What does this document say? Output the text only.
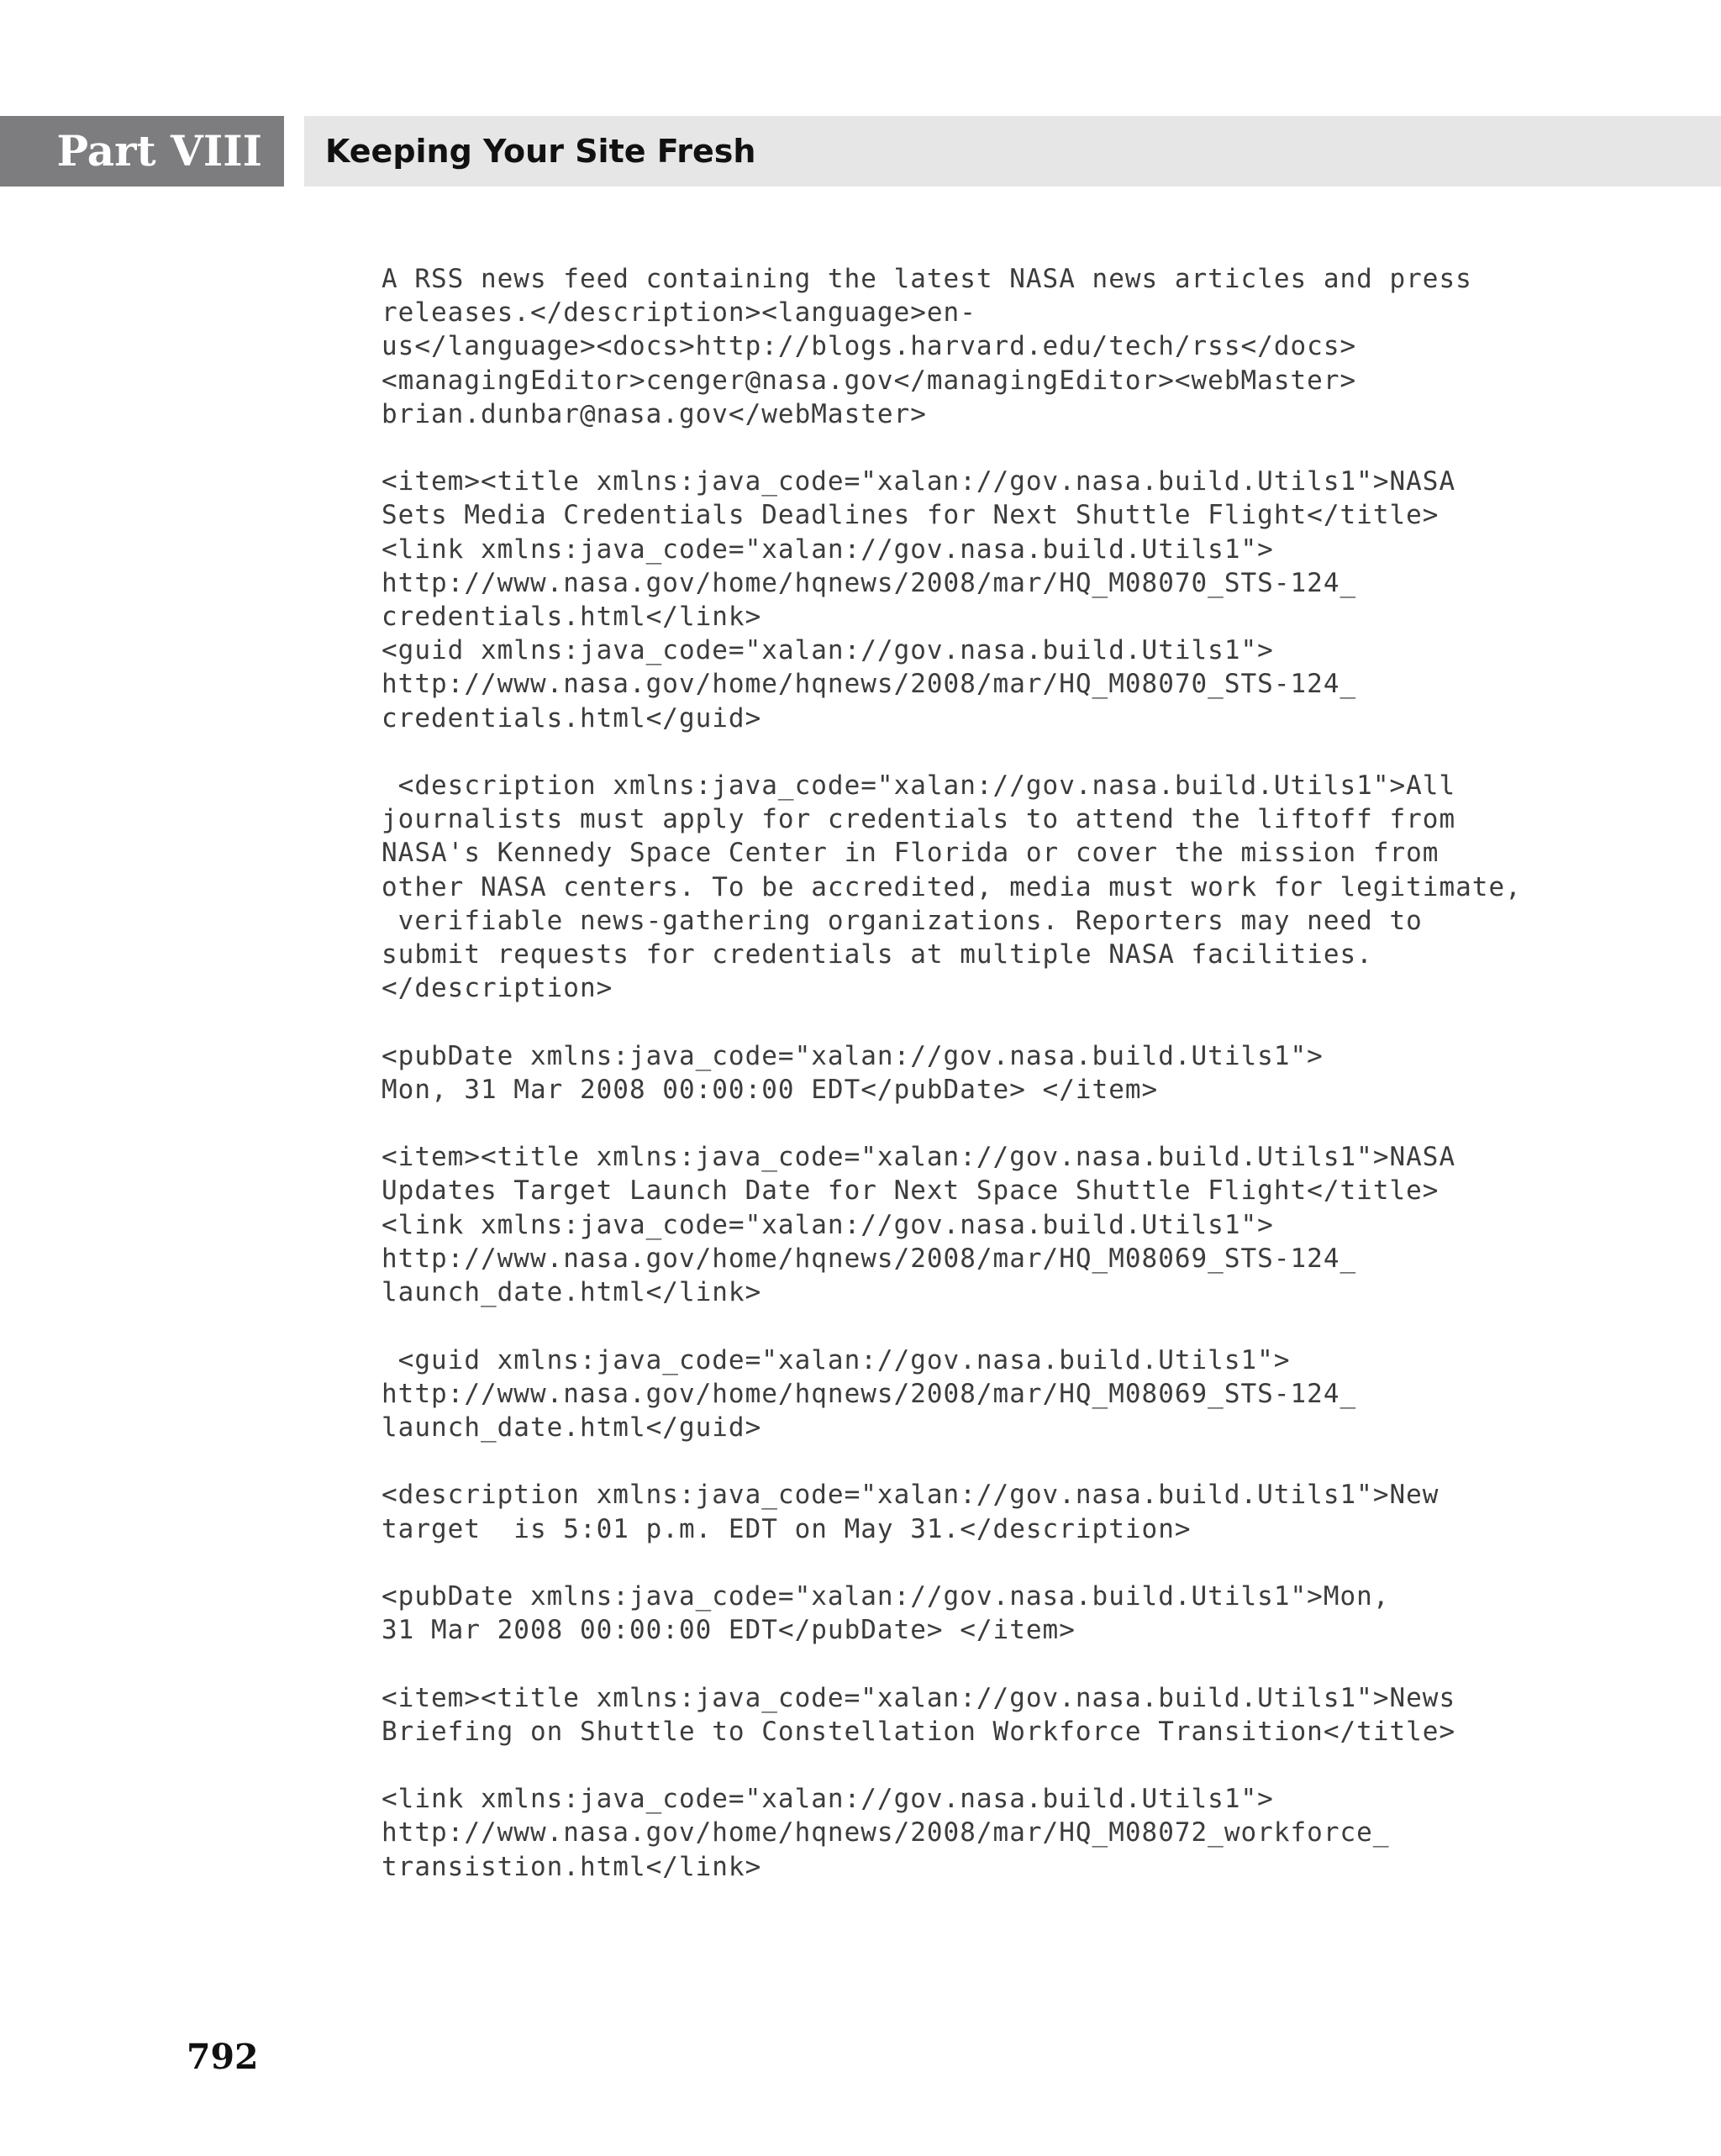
Part VIII	Keeping Your Site Fresh
A RSS news feed containing the latest NASA news articles and press
releases.</description><language>en-
us</language><docs>http://blogs.harvard.edu/tech/rss</docs>
<managingEditor>cenger@nasa.gov</managingEditor><webMaster>
brian.dunbar@nasa.gov</webMaster>

<item><title xmlns:java_code="xalan://gov.nasa.build.Utils1">NASA
Sets Media Credentials Deadlines for Next Shuttle Flight</title>
<link xmlns:java_code="xalan://gov.nasa.build.Utils1">
http://www.nasa.gov/home/hqnews/2008/mar/HQ_M08070_STS-124_
credentials.html</link>
<guid xmlns:java_code="xalan://gov.nasa.build.Utils1">
http://www.nasa.gov/home/hqnews/2008/mar/HQ_M08070_STS-124_
credentials.html</guid>

<description xmlns:java_code="xalan://gov.nasa.build.Utils1">All
journalists must apply for credentials to attend the liftoff from
NASA's Kennedy Space Center in Florida or cover the mission from
other NASA centers. To be accredited, media must work for legitimate,
verifiable news-gathering organizations. Reporters may need to
submit requests for credentials at multiple NASA facilities.
</description>

<pubDate xmlns:java_code="xalan://gov.nasa.build.Utils1">
Mon, 31 Mar 2008 00:00:00 EDT</pubDate> </item>

<item><title xmlns:java_code="xalan://gov.nasa.build.Utils1">NASA
Updates Target Launch Date for Next Space Shuttle Flight</title>
<link xmlns:java_code="xalan://gov.nasa.build.Utils1">
http://www.nasa.gov/home/hqnews/2008/mar/HQ_M08069_STS-124_
launch_date.html</link>

<guid xmlns:java_code="xalan://gov.nasa.build.Utils1">
http://www.nasa.gov/home/hqnews/2008/mar/HQ_M08069_STS-124_
launch_date.html</guid>

<description xmlns:java_code="xalan://gov.nasa.build.Utils1">New
target  is 5:01 p.m. EDT on May 31.</description>

<pubDate xmlns:java_code="xalan://gov.nasa.build.Utils1">Mon,
31 Mar 2008 00:00:00 EDT</pubDate> </item>

<item><title xmlns:java_code="xalan://gov.nasa.build.Utils1">News
Briefing on Shuttle to Constellation Workforce Transition</title>

<link xmlns:java_code="xalan://gov.nasa.build.Utils1">
http://www.nasa.gov/home/hqnews/2008/mar/HQ_M08072_workforce_
transistion.html</link>
792
